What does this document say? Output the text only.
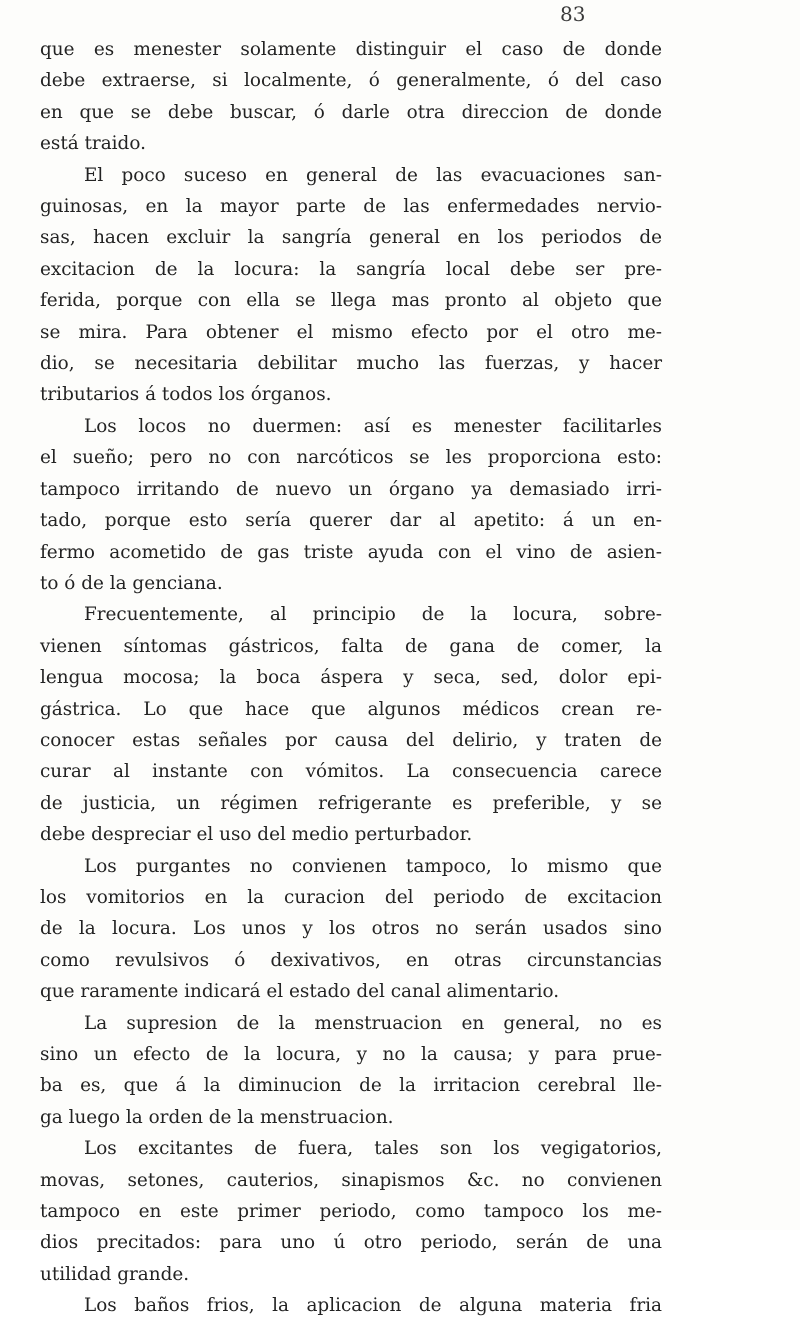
83
que es menester solamente distinguir el caso de donde
debe extraerse, si localmente, ó generalmente, ó del caso
en que se debe buscar, ó darle otra direccion de donde
está traido.
El poco suceso en general de las evacuaciones san-
guinosas, en la mayor parte de las enfermedades nervio-
sas, hacen excluir la sangría general en los periodos de
excitacion de la locura: la sangría local debe ser pre-
ferida, porque con ella se llega mas pronto al objeto que
se mira. Para obtener el mismo efecto por el otro me-
dio, se necesitaria debilitar mucho las fuerzas, y hacer
tributarios á todos los órganos.
Los locos no duermen: así es menester facilitarles
el sueño; pero no con narcóticos se les proporciona esto:
tampoco irritando de nuevo un órgano ya demasiado irri-
tado, porque esto sería querer dar al apetito: á un en-
fermo acometido de gas triste ayuda con el vino de asien-
to ó de la genciana.
Frecuentemente, al principio de la locura, sobre-
vienen síntomas gástricos, falta de gana de comer, la
lengua mocosa; la boca áspera y seca, sed, dolor epi-
gástrica. Lo que hace que algunos médicos crean re-
conocer estas señales por causa del delirio, y traten de
curar al instante con vómitos. La consecuencia carece
de justicia, un régimen refrigerante es preferible, y se
debe despreciar el uso del medio perturbador.
Los purgantes no convienen tampoco, lo mismo que
los vomitorios en la curacion del periodo de excitacion
de la locura. Los unos y los otros no serán usados sino
como revulsivos ó dexivativos, en otras circunstancias
que raramente indicará el estado del canal alimentario.
La supresion de la menstruacion en general, no es
sino un efecto de la locura, y no la causa; y para prue-
ba es, que á la diminucion de la irritacion cerebral lle-
ga luego la orden de la menstruacion.
Los excitantes de fuera, tales son los vegigatorios,
movas, setones, cauterios, sinapismos &c. no convienen
tampoco en este primer periodo, como tampoco los me-
dios precitados: para uno ú otro periodo, serán de una
utilidad grande.
Los baños frios, la aplicacion de alguna materia fria
